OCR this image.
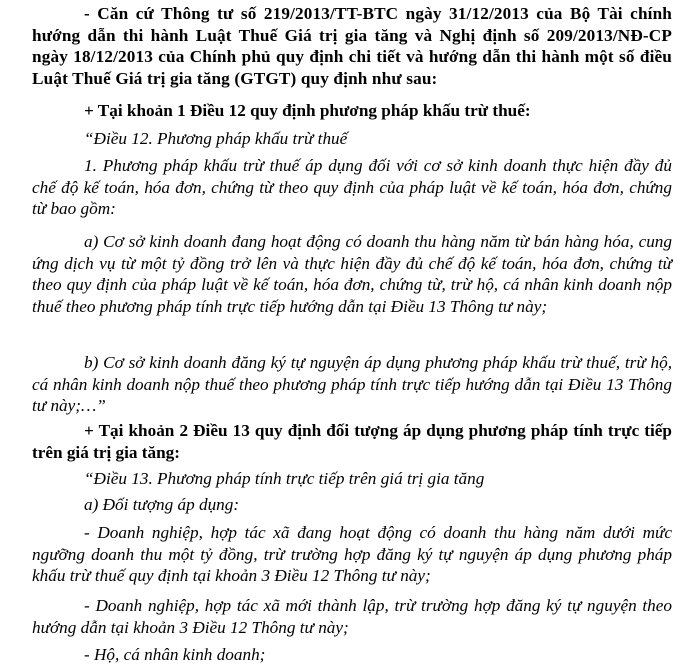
- Căn cứ Thông tư số 219/2013/TT-BTC ngày 31/12/2013 của Bộ Tài chính hướng dẫn thi hành Luật Thuế Giá trị gia tăng và Nghị định số 209/2013/NĐ-CP ngày 18/12/2013 của Chính phủ quy định chi tiết và hướng dẫn thi hành một số điều Luật Thuế Giá trị gia tăng (GTGT) quy định như sau:
+ Tại khoản 1 Điều 12 quy định phương pháp khấu trừ thuế:
“Điều 12. Phương pháp khấu trừ thuế
1. Phương pháp khấu trừ thuế áp dụng đối với cơ sở kinh doanh thực hiện đầy đủ chế độ kế toán, hóa đơn, chứng từ theo quy định của pháp luật về kế toán, hóa đơn, chứng từ bao gồm:
a) Cơ sở kinh doanh đang hoạt động có doanh thu hàng năm từ bán hàng hóa, cung ứng dịch vụ từ một tỷ đồng trở lên và thực hiện đầy đủ chế độ kế toán, hóa đơn, chứng từ theo quy định của pháp luật về kế toán, hóa đơn, chứng từ, trừ hộ, cá nhân kinh doanh nộp thuế theo phương pháp tính trực tiếp hướng dẫn tại Điều 13 Thông tư này;
b) Cơ sở kinh doanh đăng ký tự nguyện áp dụng phương pháp khấu trừ thuế, trừ hộ, cá nhân kinh doanh nộp thuế theo phương pháp tính trực tiếp hướng dẫn tại Điều 13 Thông tư này;…”
+ Tại khoản 2 Điều 13 quy định đối tượng áp dụng phương pháp tính trực tiếp trên giá trị gia tăng:
“Điều 13. Phương pháp tính trực tiếp trên giá trị gia tăng
a) Đối tượng áp dụng:
- Doanh nghiệp, hợp tác xã đang hoạt động có doanh thu hàng năm dưới mức ngưỡng doanh thu một tỷ đồng, trừ trường hợp đăng ký tự nguyện áp dụng phương pháp khấu trừ thuế quy định tại khoản 3 Điều 12 Thông tư này;
- Doanh nghiệp, hợp tác xã mới thành lập, trừ trường hợp đăng ký tự nguyện theo hướng dẫn tại khoản 3 Điều 12 Thông tư này;
- Hộ, cá nhân kinh doanh;
